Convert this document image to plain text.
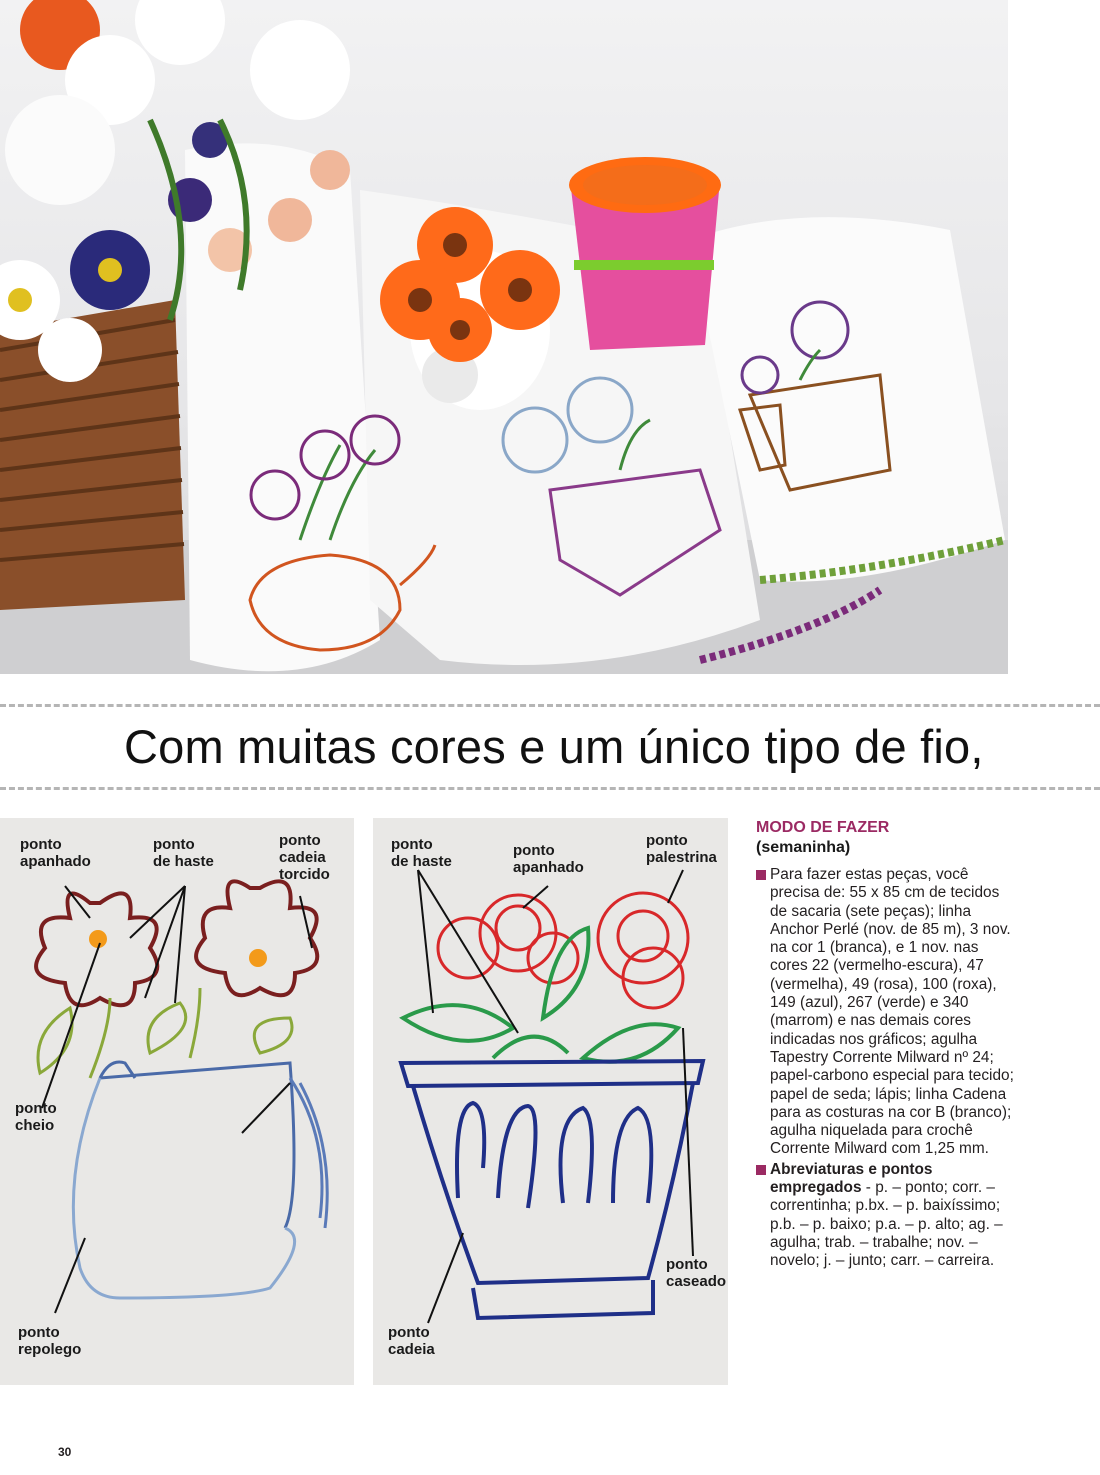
Com muitas cores e um único tipo de fio,
ponto
apanhado
ponto
de haste
ponto
cadeia
torcido
ponto
cheio
ponto
repolego
ponto
de haste
ponto
apanhado
ponto
palestrina
ponto
caseado
ponto
cadeia
MODO DE FAZER
(semaninha)
Para fazer estas peças, você precisa de: 55 x 85 cm de tecidos de sacaria (sete peças); linha Anchor Perlé (nov. de 85 m), 3 nov. na cor 1 (branca), e 1 nov. nas cores 22 (vermelho-escura), 47 (vermelha), 49 (rosa), 100 (roxa), 149 (azul), 267 (verde) e 340 (marrom) e nas demais cores indicadas nos gráficos; agulha Tapestry Corrente Milward nº 24; papel-carbono especial para tecido; papel de seda; lápis; linha Cadena para as costuras na cor B (branco); agulha niquelada para crochê Corrente Milward com 1,25 mm.
Abreviaturas e pontos empregados - p. – ponto; corr. – correntinha; p.bx. – p. baixíssimo; p.b. – p. baixo; p.a. – p. alto; ag. – agulha; trab. – trabalhe; nov. – novelo; j. – junto; carr. – carreira.
30
